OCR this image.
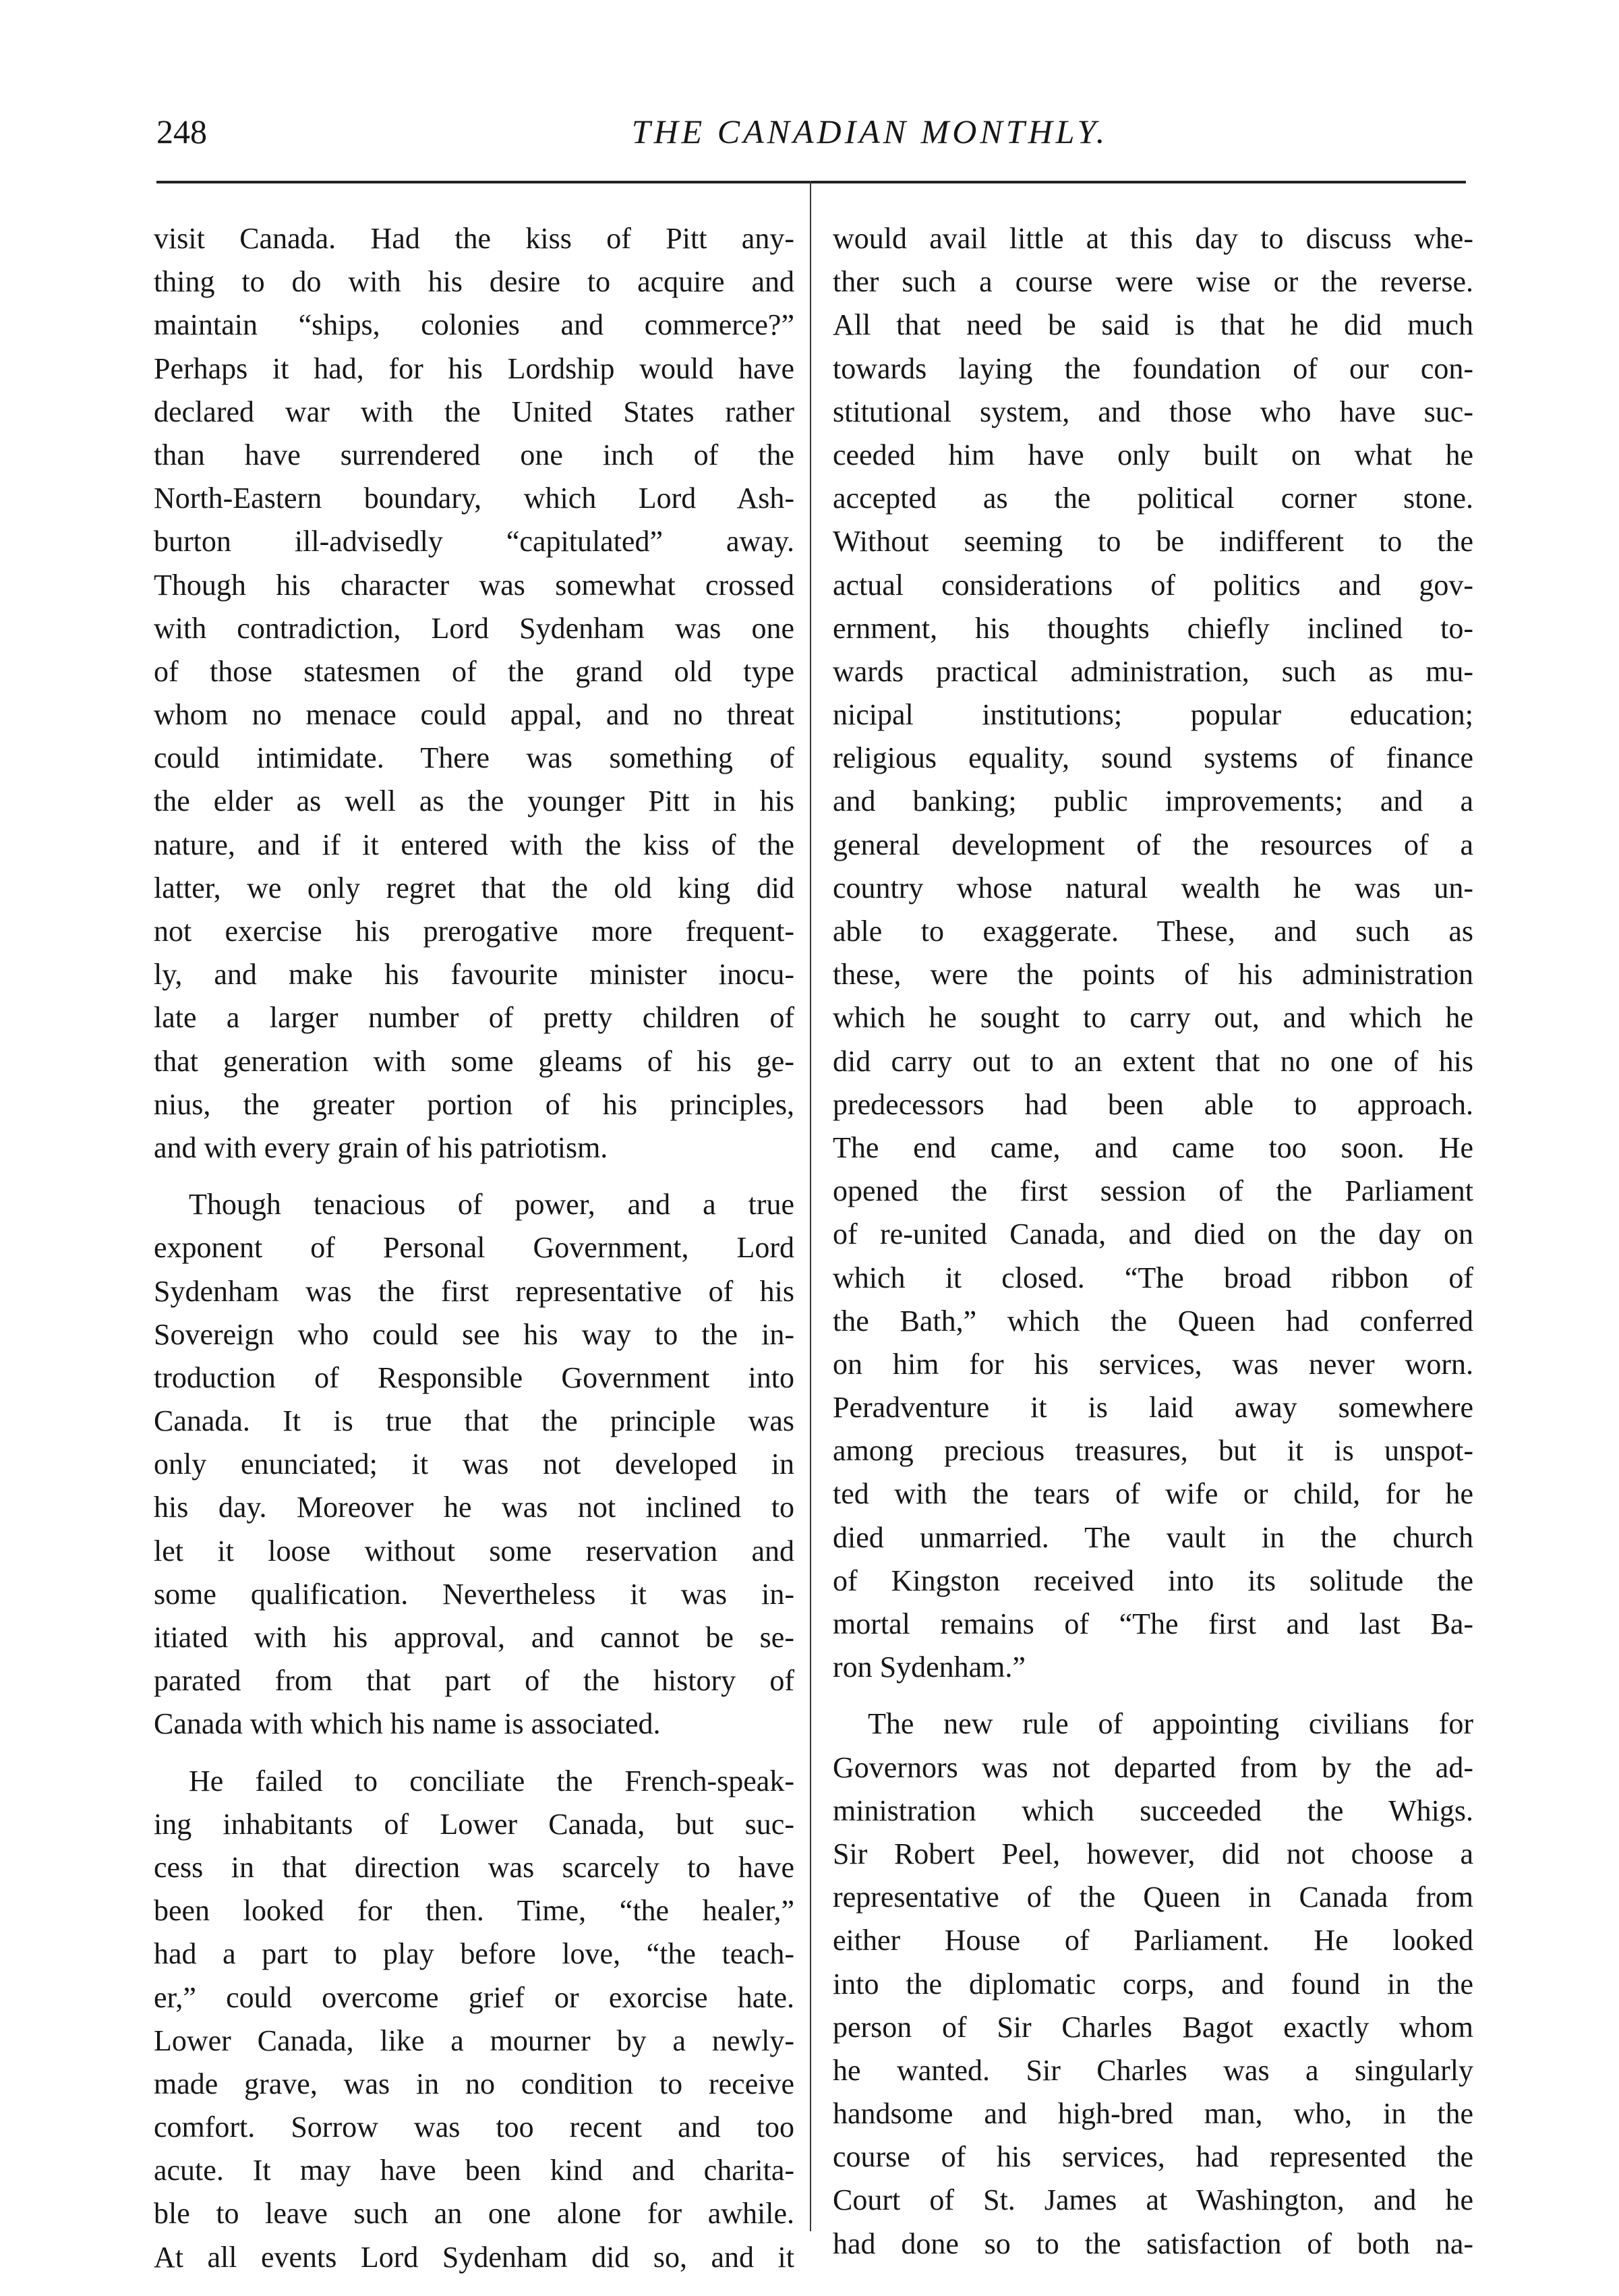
248	THE CANADIAN MONTHLY.
visit Canada. Had the kiss of Pitt any-
thing to do with his desire to acquire and
maintain “ships, colonies and commerce?”
Perhaps it had, for his Lordship would have
declared war with the United States rather
than have surrendered one inch of the
North-Eastern boundary, which Lord Ash-
burton ill-advisedly “capitulated” away.
Though his character was somewhat crossed
with contradiction, Lord Sydenham was one
of those statesmen of the grand old type
whom no menace could appal, and no threat
could intimidate. There was something of
the elder as well as the younger Pitt in his
nature, and if it entered with the kiss of the
latter, we only regret that the old king did
not exercise his prerogative more frequent-
ly, and make his favourite minister inocu-
late a larger number of pretty children of
that generation with some gleams of his ge-
nius, the greater portion of his principles,
and with every grain of his patriotism.
Though tenacious of power, and a true
exponent of Personal Government, Lord
Sydenham was the first representative of his
Sovereign who could see his way to the in-
troduction of Responsible Government into
Canada. It is true that the principle was
only enunciated; it was not developed in
his day. Moreover he was not inclined to
let it loose without some reservation and
some qualification. Nevertheless it was in-
itiated with his approval, and cannot be se-
parated from that part of the history of
Canada with which his name is associated.
He failed to conciliate the French-speak-
ing inhabitants of Lower Canada, but suc-
cess in that direction was scarcely to have
been looked for then. Time, “the healer,”
had a part to play before love, “the teach-
er,” could overcome grief or exorcise hate.
Lower Canada, like a mourner by a newly-
made grave, was in no condition to receive
comfort. Sorrow was too recent and too
acute. It may have been kind and charita-
ble to leave such an one alone for awhile.
At all events Lord Sydenham did so, and it
would avail little at this day to discuss whe-
ther such a course were wise or the reverse.
All that need be said is that he did much
towards laying the foundation of our con-
stitutional system, and those who have suc-
ceeded him have only built on what he
accepted as the political corner stone.
Without seeming to be indifferent to the
actual considerations of politics and gov-
ernment, his thoughts chiefly inclined to-
wards practical administration, such as mu-
nicipal institutions; popular education;
religious equality, sound systems of finance
and banking; public improvements; and a
general development of the resources of a
country whose natural wealth he was un-
able to exaggerate. These, and such as
these, were the points of his administration
which he sought to carry out, and which he
did carry out to an extent that no one of his
predecessors had been able to approach.
The end came, and came too soon. He
opened the first session of the Parliament
of re-united Canada, and died on the day on
which it closed. “The broad ribbon of
the Bath,” which the Queen had conferred
on him for his services, was never worn.
Peradventure it is laid away somewhere
among precious treasures, but it is unspot-
ted with the tears of wife or child, for he
died unmarried. The vault in the church
of Kingston received into its solitude the
mortal remains of “The first and last Ba-
ron Sydenham.”
The new rule of appointing civilians for
Governors was not departed from by the ad-
ministration which succeeded the Whigs.
Sir Robert Peel, however, did not choose a
representative of the Queen in Canada from
either House of Parliament. He looked
into the diplomatic corps, and found in the
person of Sir Charles Bagot exactly whom
he wanted. Sir Charles was a singularly
handsome and high-bred man, who, in the
course of his services, had represented the
Court of St. James at Washington, and he
had done so to the satisfaction of both na-
